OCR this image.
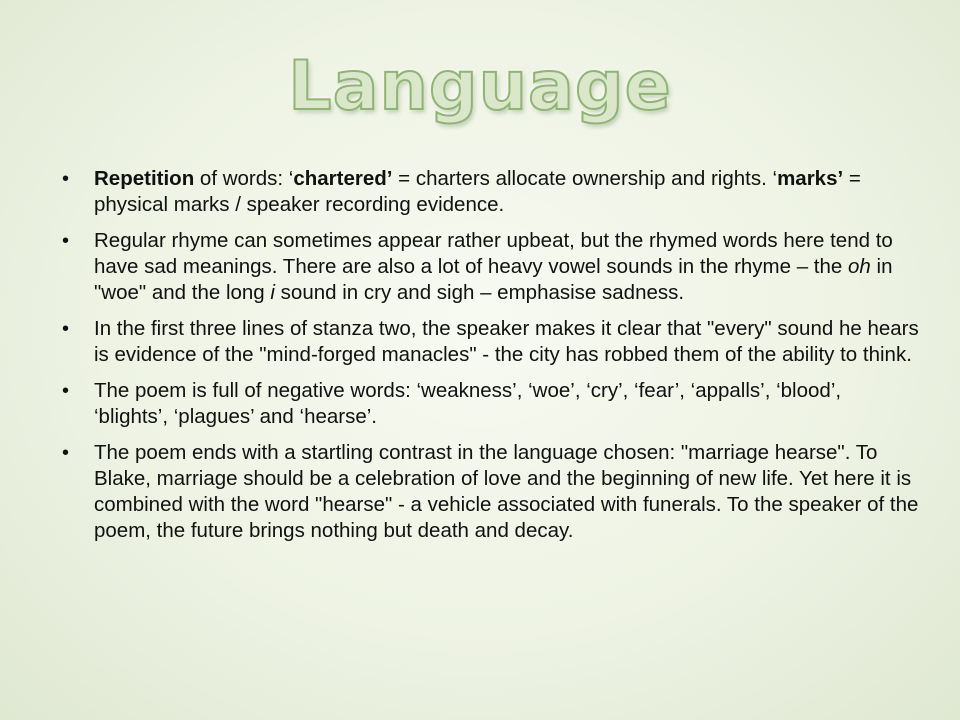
Language
• Repetition of words: ‘chartered’ = charters allocate ownership and rights. ‘marks’ = physical marks / speaker recording evidence.
• Regular rhyme can sometimes appear rather upbeat, but the rhymed words here tend to have sad meanings. There are also a lot of heavy vowel sounds in the rhyme – the oh in "woe" and the long i sound in cry and sigh – emphasise sadness.
• In the first three lines of stanza two, the speaker makes it clear that "every" sound he hears is evidence of the "mind-forged manacles" - the city has robbed them of the ability to think.
• The poem is full of negative words: ‘weakness’, ‘woe’, ‘cry’, ‘fear’, ‘appalls’, ‘blood’, ‘blights’, ‘plagues’ and ‘hearse’.
• The poem ends with a startling contrast in the language chosen: "marriage hearse". To Blake, marriage should be a celebration of love and the beginning of new life. Yet here it is combined with the word "hearse" - a vehicle associated with funerals. To the speaker of the poem, the future brings nothing but death and decay.
